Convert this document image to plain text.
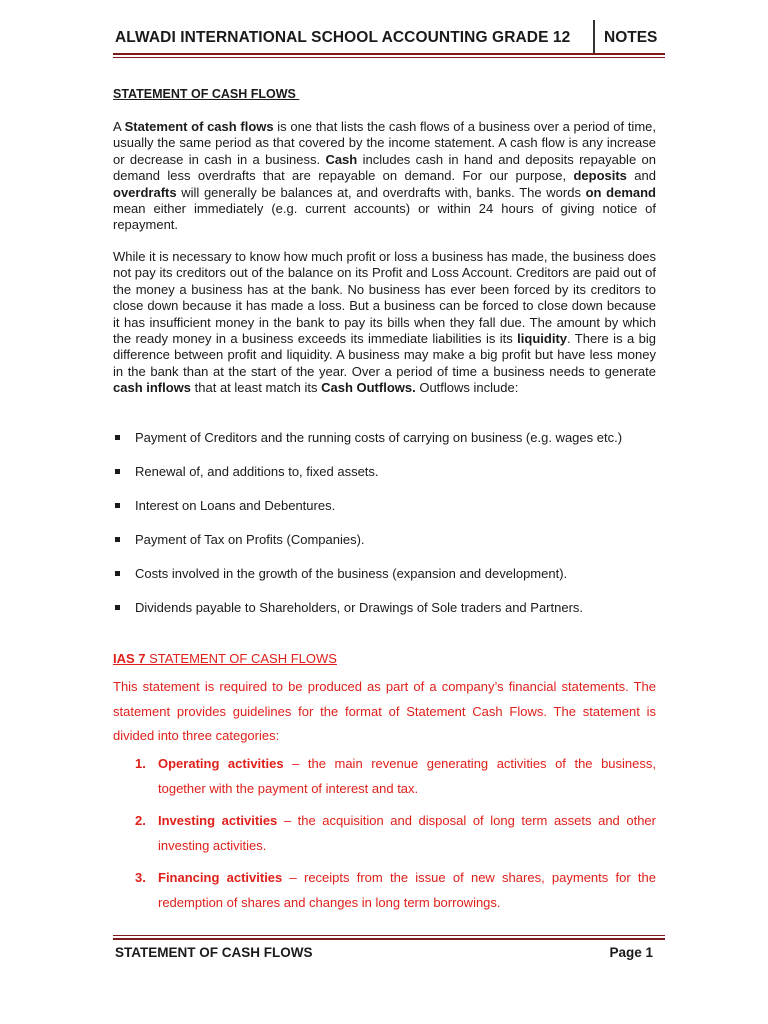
ALWADI INTERNATIONAL SCHOOL ACCOUNTING GRADE 12 NOTES
STATEMENT OF CASH FLOWS

A Statement of cash flows is one that lists the cash flows of a business over a period of time, usually the same period as that covered by the income statement. A cash flow is any increase or decrease in cash in a business. Cash includes cash in hand and deposits repayable on demand less overdrafts that are repayable on demand. For our purpose, deposits and overdrafts will generally be balances at, and overdrafts with, banks. The words on demand mean either immediately (e.g. current accounts) or within 24 hours of giving notice of repayment.

While it is necessary to know how much profit or loss a business has made, the business does not pay its creditors out of the balance on its Profit and Loss Account. Creditors are paid out of the money a business has at the bank. No business has ever been forced by its creditors to close down because it has made a loss. But a business can be forced to close down because it has insufficient money in the bank to pay its bills when they fall due. The amount by which the ready money in a business exceeds its immediate liabilities is its liquidity. There is a big difference between profit and liquidity. A business may make a big profit but have less money in the bank than at the start of the year. Over a period of time a business needs to generate cash inflows that at least match its Cash Outflows. Outflows include:

Payment of Creditors and the running costs of carrying on business (e.g. wages etc.)
Renewal of, and additions to, fixed assets.
Interest on Loans and Debentures.
Payment of Tax on Profits (Companies).
Costs involved in the growth of the business (expansion and development).
Dividends payable to Shareholders, or Drawings of Sole traders and Partners.
IAS 7 STATEMENT OF CASH FLOWS

This statement is required to be produced as part of a company’s financial statements. The statement provides guidelines for the format of Statement Cash Flows. The statement is divided into three categories:

1. Operating activities – the main revenue generating activities of the business, together with the payment of interest and tax.
2. Investing activities – the acquisition and disposal of long term assets and other investing activities.
3. Financing activities – receipts from the issue of new shares, payments for the redemption of shares and changes in long term borrowings.
STATEMENT OF CASH FLOWS	Page 1
